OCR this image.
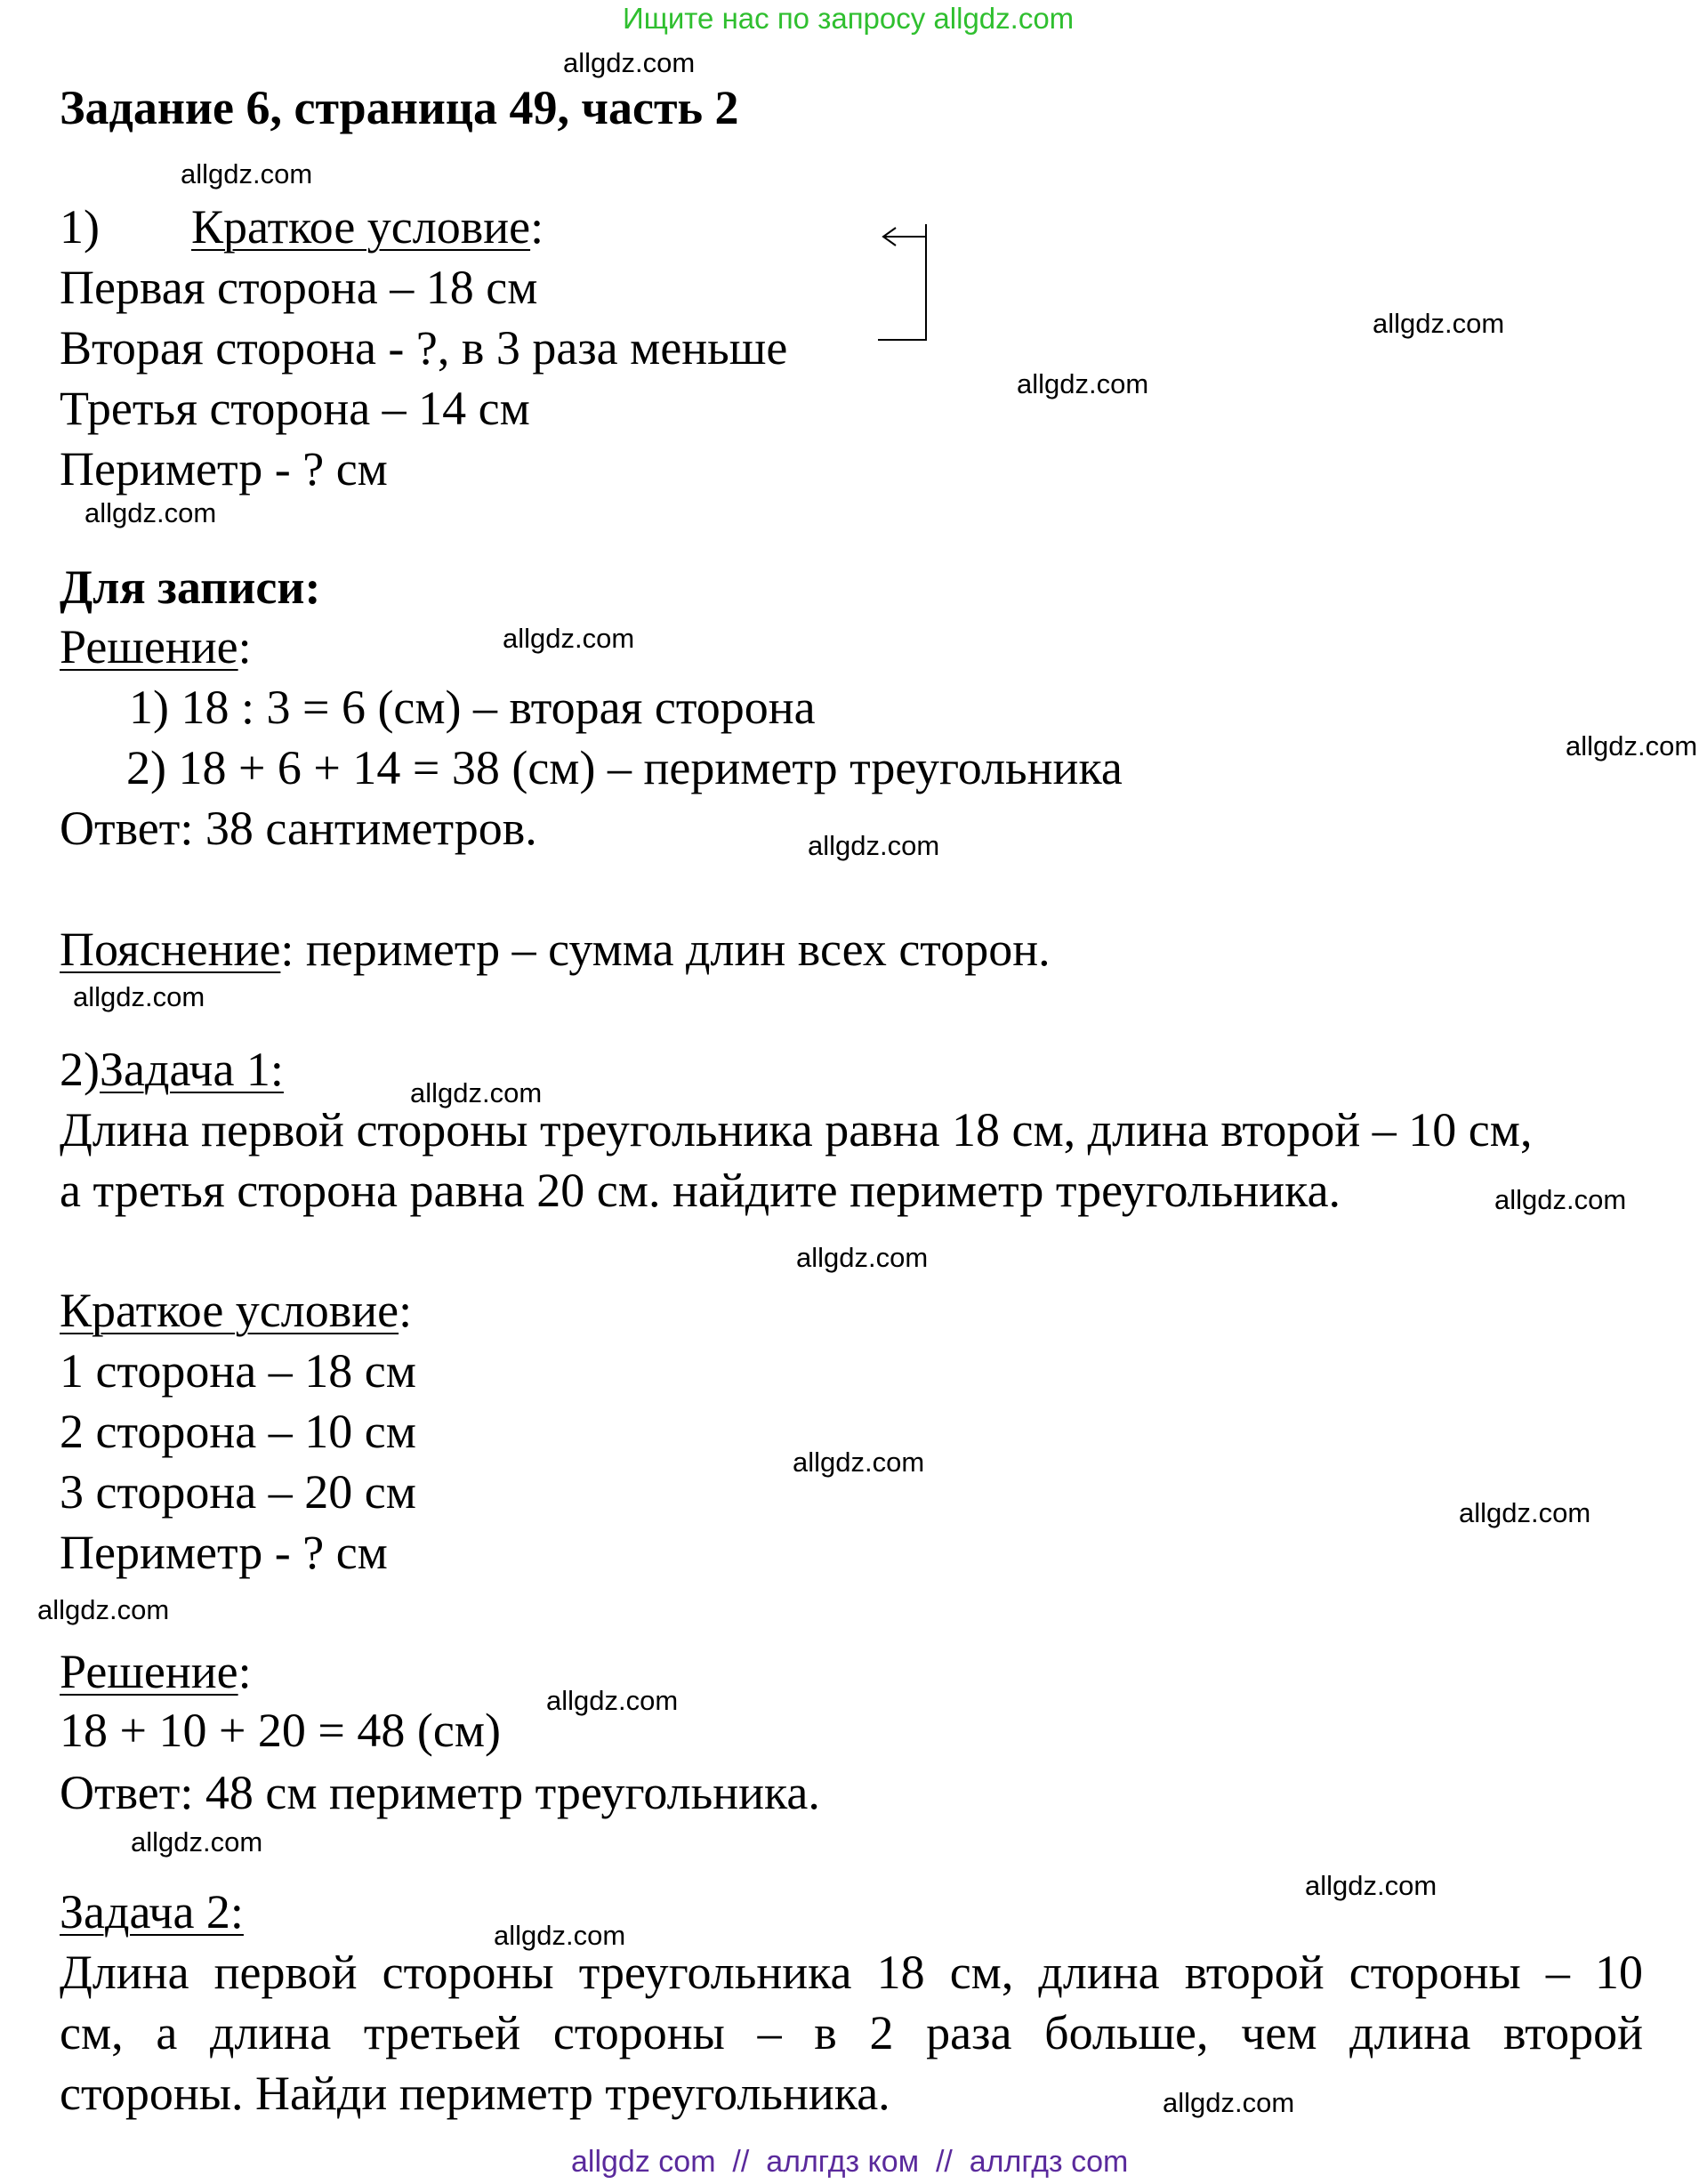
Ищите нас по запросу allgdz.com
Задание 6, страница 49, часть 2
1) Краткое условие:
Первая сторона – 18 см
Вторая сторона - ?, в 3 раза меньше
Третья сторона – 14 см
Периметр - ? см
Для записи:
Решение:
1) 18 : 3 = 6 (см) – вторая сторона
2) 18 + 6 + 14 = 38 (см) – периметр треугольника
Ответ: 38 сантиметров.
Пояснение: периметр – сумма длин всех сторон.
2)Задача 1:
Длина первой стороны треугольника равна 18 см, длина второй – 10 см,
а третья сторона равна 20 см. найдите периметр треугольника.
Краткое условие:
1 сторона – 18 см
2 сторона – 10 см
3 сторона – 20 см
Периметр - ? см
Решение:
18 + 10 + 20 = 48 (см)
Ответ: 48 см периметр треугольника.
Задача 2:
Длина первой стороны треугольника 18 см, длина второй стороны – 10
см, а длина третьей стороны – в 2 раза больше, чем длина второй
стороны. Найди периметр треугольника.
allgdz.com
allgdz.com
allgdz.com
allgdz.com
allgdz.com
allgdz.com
allgdz.com
allgdz.com
allgdz.com
allgdz.com
allgdz.com
allgdz.com
allgdz.com
allgdz.com
allgdz.com
allgdz.com
allgdz.com
allgdz.com
allgdz.com
allgdz.com
allgdz com  //  аллгдз ком  //  аллгдз com
